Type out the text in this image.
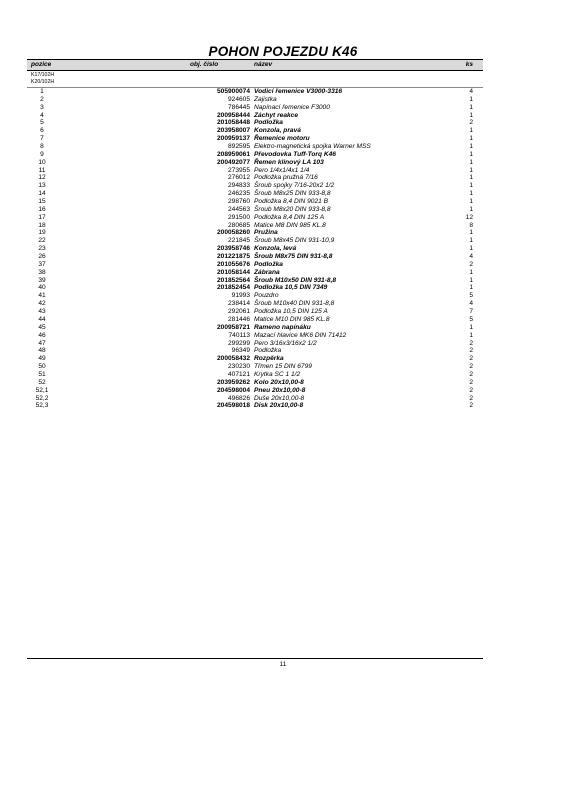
POHON POJEZDU K46
pozice	obj. číslo	název	ks
K17/102H
K20/102H
1	505900074 Vodicí řemenice V3000-3316	4
2	924605 Zajistka	1
3	786445 Napínací řemenice F3000	1
4	200958444 Záchyt reakce	1
5	201058448 Podložka	2
6	203958007 Konzola, pravá	1
7	200959137 Řemenice motoru	1
8	892595 Elektro-magnetická spojka Warner MSS	1
9	208959061 Převodovka Tuff-Torq K46	1
10	200492077 Řemen klinový LA 103	1
11	273955 Pero 1/4x1/4x1 1/4	1
12	276012 Podložka pružná 7/16	1
13	294833 Šroub spojky 7/16-20x2 1/2	1
14	246235 Šroub M8x25 DIN 933-8,8	1
15	298760 Podložka 8,4 DIN 9021 B	1
16	244563 Šroub M8x20 DIN 933-8,8	1
17	291500 Podložka 8,4 DIN 125 A	12
18	280685 Matice M8 DIN 985 KL.8	8
19	200058260 Pružina	1
22	221845 Šroub M8x45 DIN 931-10,9	1
23	203958746 Konzola, levá	1
26	201221875 Šroub M8x75 DIN 931-8,8	4
37	201055676 Podložka	2
38	201058144 Zábrana	1
39	201852564 Šroub M10x50 DIN 931-8,8	1
40	201852454 Podložka 10,5 DIN 7349	1
41	91993 Pouzdro	5
42	238414 Šroub M10x40 DIN 931-8,8	4
43	292061 Podložka 10,5 DIN 125 A	7
44	281446 Matice M10 DIN 985 KL.8	5
45	200958721 Rameno napínáku	1
46	740113 Mazací hlavice MK6 DIN 71412	1
47	299299 Pero 3/16x3/16x2 1/2	2
48	96349 Podložka	2
49	200058432 Rozpěrka	2
50	230230 Třmen 15 DIN 6799	2
51	407121 Krytka SC 1 1/2	2
52	203959262 Kolo 20x10,00-8	2
52,1	204598004 Pneu 20x10,00-8	2
52,2	496826 Duše 20x10,00-8	2
52,3	204598018 Disk 20x10,00-8	2
11
